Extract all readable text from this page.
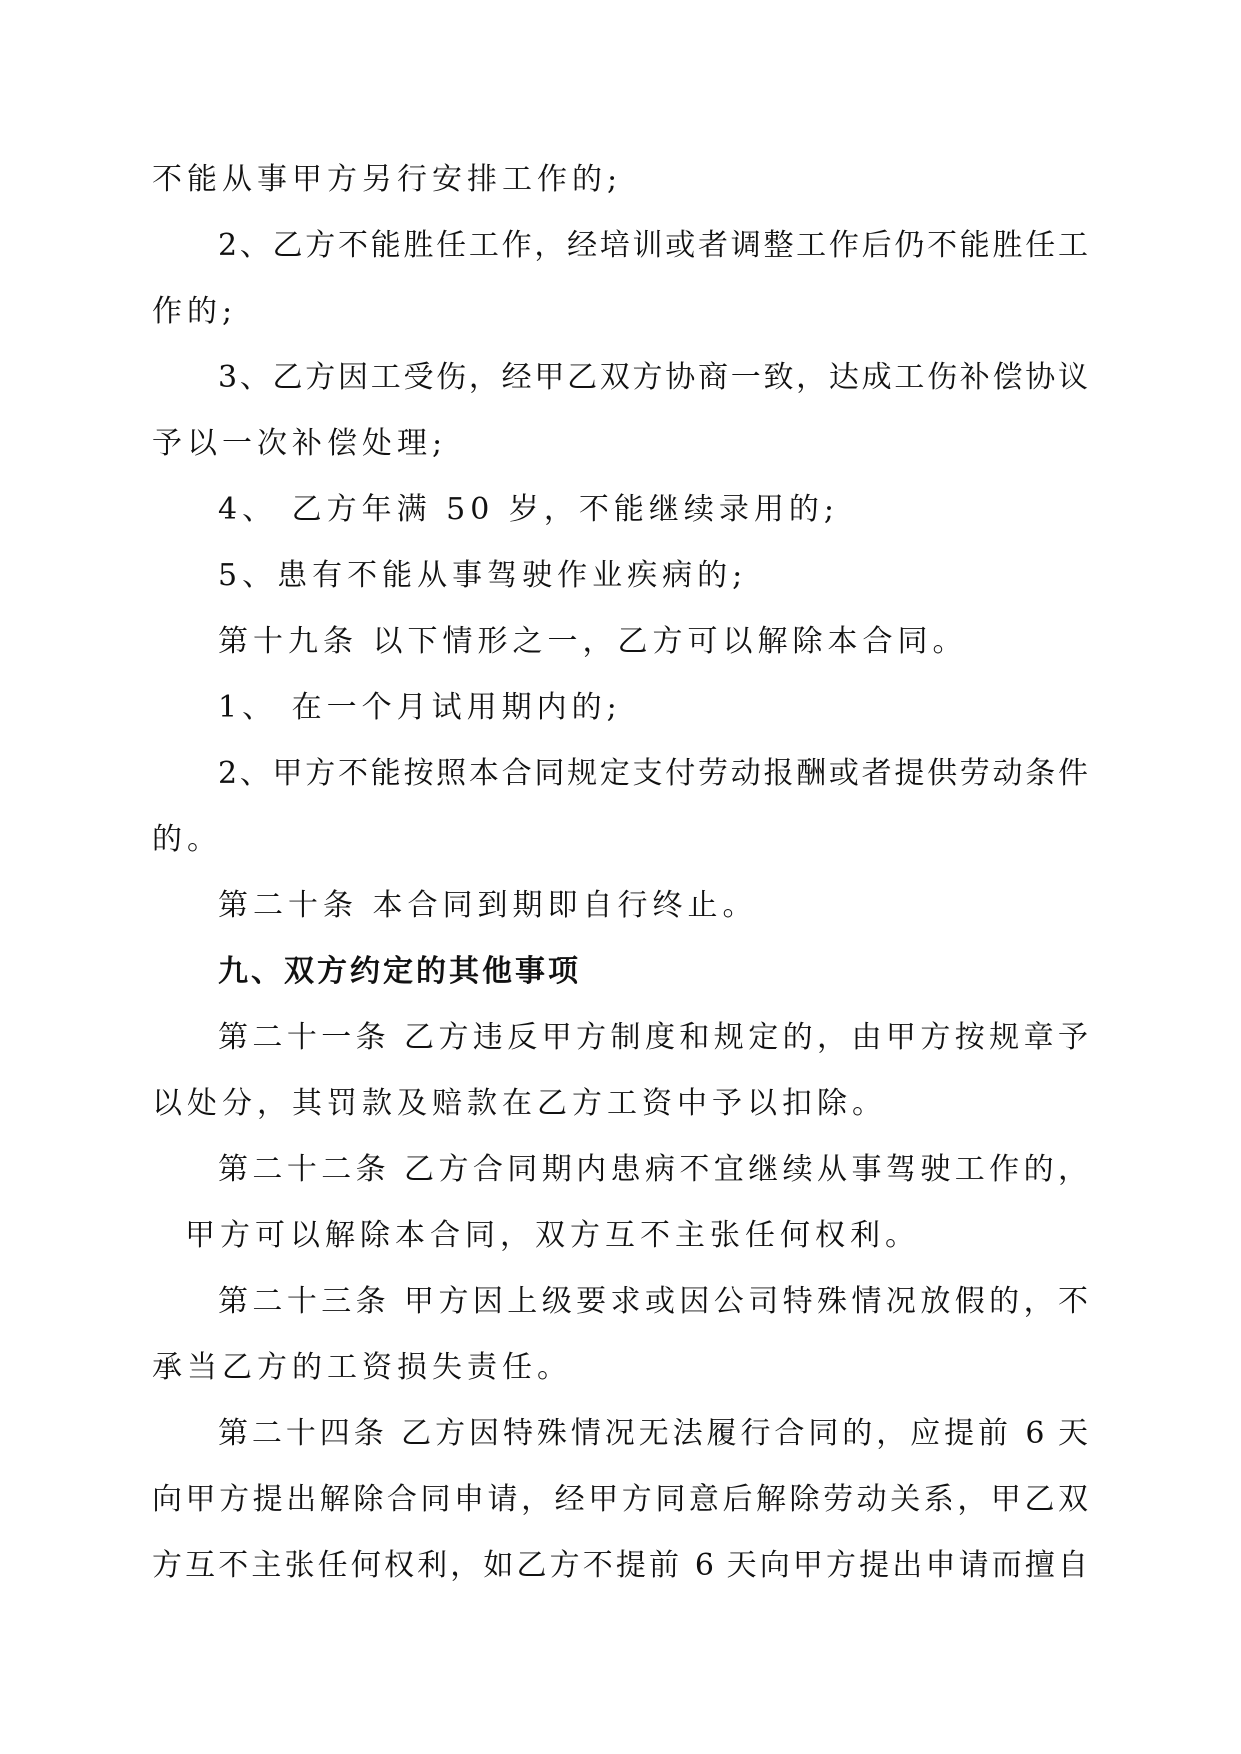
不能从事甲方另行安排工作的;
2、乙方不能胜任工作，经培训或者调整工作后仍不能胜任工
作的;
3、乙方因工受伤，经甲乙双方协商一致，达成工伤补偿协议
予以一次补偿处理;
4、 乙方年满 50 岁，不能继续录用的;
5、患有不能从事驾驶作业疾病的;
第十九条 以下情形之一，乙方可以解除本合同。
1、 在一个月试用期内的;
2、甲方不能按照本合同规定支付劳动报酬或者提供劳动条件
的。
第二十条 本合同到期即自行终止。
九、双方约定的其他事项
第二十一条 乙方违反甲方制度和规定的，由甲方按规章予
以处分，其罚款及赔款在乙方工资中予以扣除。
第二十二条 乙方合同期内患病不宜继续从事驾驶工作的，
甲方可以解除本合同，双方互不主张任何权利。
第二十三条 甲方因上级要求或因公司特殊情况放假的，不
承当乙方的工资损失责任。
第二十四条 乙方因特殊情况无法履行合同的，应提前 6 天
向甲方提出解除合同申请，经甲方同意后解除劳动关系，甲乙双
方互不主张任何权利，如乙方不提前 6 天向甲方提出申请而擅自
